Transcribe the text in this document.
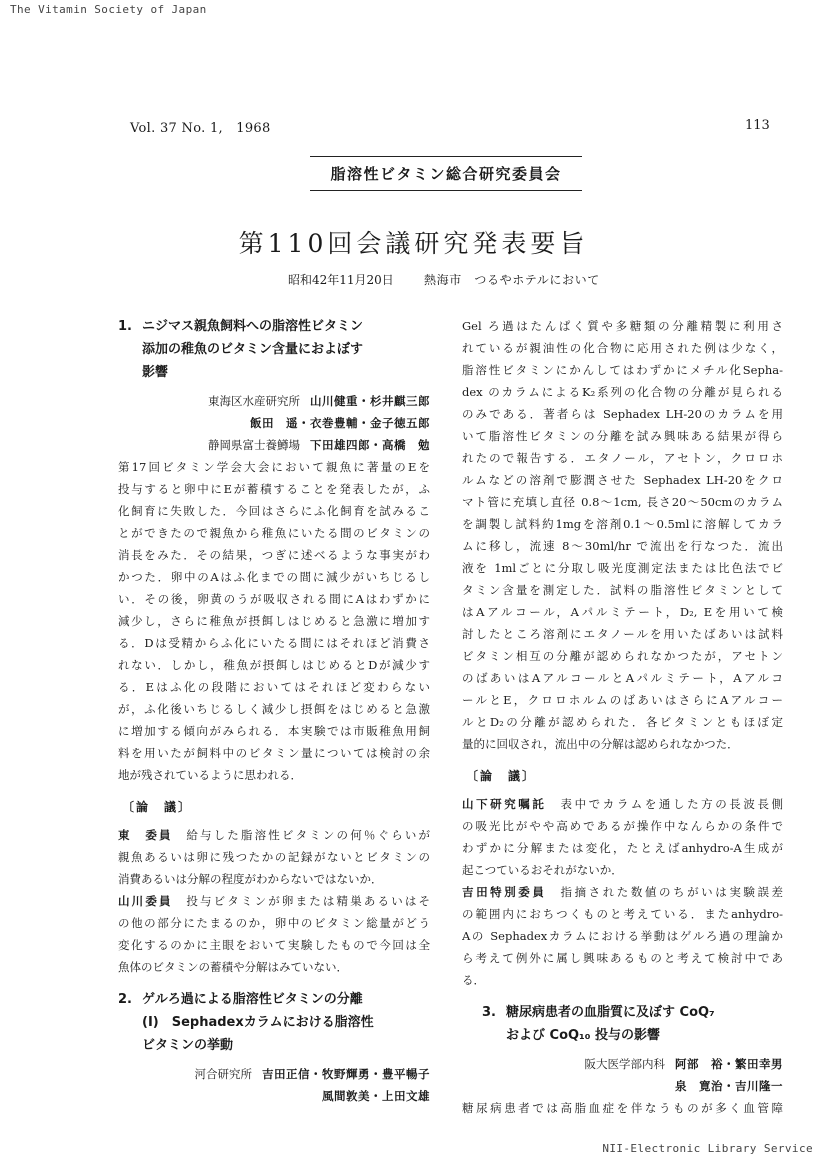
The Vitamin Society of Japan
NII-Electronic Library Service
Vol. 37 No. 1,　1968	113
脂溶性ビタミン総合研究委員会
第110回会議研究発表要旨
昭和42年11月20日	熱海市　つるやホテルにおいて
1. ニジマス親魚飼料への脂溶性ビタミン
添加の稚魚のビタミン含量におよぼす
影響
東海区水産研究所 山川健重・杉井麒三郎
飯田　遥・衣巻豊輔・金子徳五郎
静岡県富士養鱒場 下田雄四郎・高橋　勉

第17回ビタミン学会大会において親魚に著量のEを

投与すると卵中にEが蓄積することを発表したが，ふ

化飼育に失敗した．今回はさらにふ化飼育を試みるこ

とができたので親魚から稚魚にいたる間のビタミンの

消長をみた．その結果，つぎに述べるような事実がわ

かつた．卵中のAはふ化までの間に減少がいちじるし

い．その後，卵黄のうが吸収される間にAはわずかに

減少し，さらに稚魚が摂餌しはじめると急激に増加す

る．Dは受精からふ化にいたる間にはそれほど消費さ

れない．しかし，稚魚が摂餌しはじめるとDが減少す

る．Eはふ化の段階においてはそれほど変わらない

が，ふ化後いちじるしく減少し摂餌をはじめると急激

に増加する傾向がみられる．本実験では市販稚魚用飼

料を用いたが飼料中のビタミン量については検討の余

地が残されているように思われる．

〔論　議〕

東　委員　 給与した脂溶性ビタミンの何％ぐらいが

親魚あるいは卵に残つたかの記録がないとビタミンの

消費あるいは分解の程度がわからないではないか．

山川委員　 投与ビタミンが卵または精巣あるいはそ

の他の部分にたまるのか，卵中のビタミン総量がどう

変化するのかに主眼をおいて実験したもので今回は全

魚体のビタミンの蓄積や分解はみていない．

2. ゲルろ過による脂溶性ビタミンの分離
(I)　Sephadexカラムにおける脂溶性
ビタミンの挙動
河合研究所 吉田正信・牧野輝勇・豊平暢子
風間敦美・上田文雄

Gel ろ過はたんぱく質や多糖類の分離精製に利用さ

れているが親油性の化合物に応用された例は少なく，

脂溶性ビタミンにかんしてはわずかにメチル化Sepha-

dex のカラムによるK₂系列の化合物の分離が見られる

のみである．著者らは Sephadex LH-20のカラムを用

いて脂溶性ビタミンの分離を試み興味ある結果が得ら

れたので報告する．エタノール，アセトン，クロロホ

ルムなどの溶剤で膨潤させた Sephadex LH-20をクロ

マト管に充填し直径 0.8～1cm, 長さ20～50cmのカラム

を調製し試料約1mgを溶剤0.1～0.5mlに溶解してカラ

ムに移し，流速 8～30ml/hr で流出を行なつた．流出

液を 1mlごとに分取し吸光度測定法または比色法でビ

タミン含量を測定した．試料の脂溶性ビタミンとして

はAアルコール，Aパルミテート，D₂, Eを用いて検

討したところ溶剤にエタノールを用いたばあいは試料

ビタミン相互の分離が認められなかつたが，アセトン

のばあいはAアルコールとAパルミテート，Aアルコ

ールとE，クロロホルムのばあいはさらにAアルコー

ルとD₂の分離が認められた．各ビタミンともほぼ定

量的に回収され，流出中の分解は認められなかつた．

〔論　議〕

山下研究嘱託　 表中でカラムを通した方の長波長側

の吸光比がやや高めであるが操作中なんらかの条件で

わずかに分解または変化，たとえばanhydro-A生成が

起こつているおそれがないか．

吉田特別委員　 指摘された数値のちがいは実験誤差

の範囲内におちつくものと考えている．またanhydro-

Aの Sephadexカラムにおける挙動はゲルろ過の理論か

ら考えて例外に属し興味あるものと考えて検討中であ

る．

3. 糖尿病患者の血脂質に及ぼす CoQ₇
および CoQ₁₀ 投与の影響
阪大医学部内科 阿部　裕・繁田幸男
泉　寛治・吉川隆一

糖尿病患者では高脂血症を伴なうものが多く血管障
